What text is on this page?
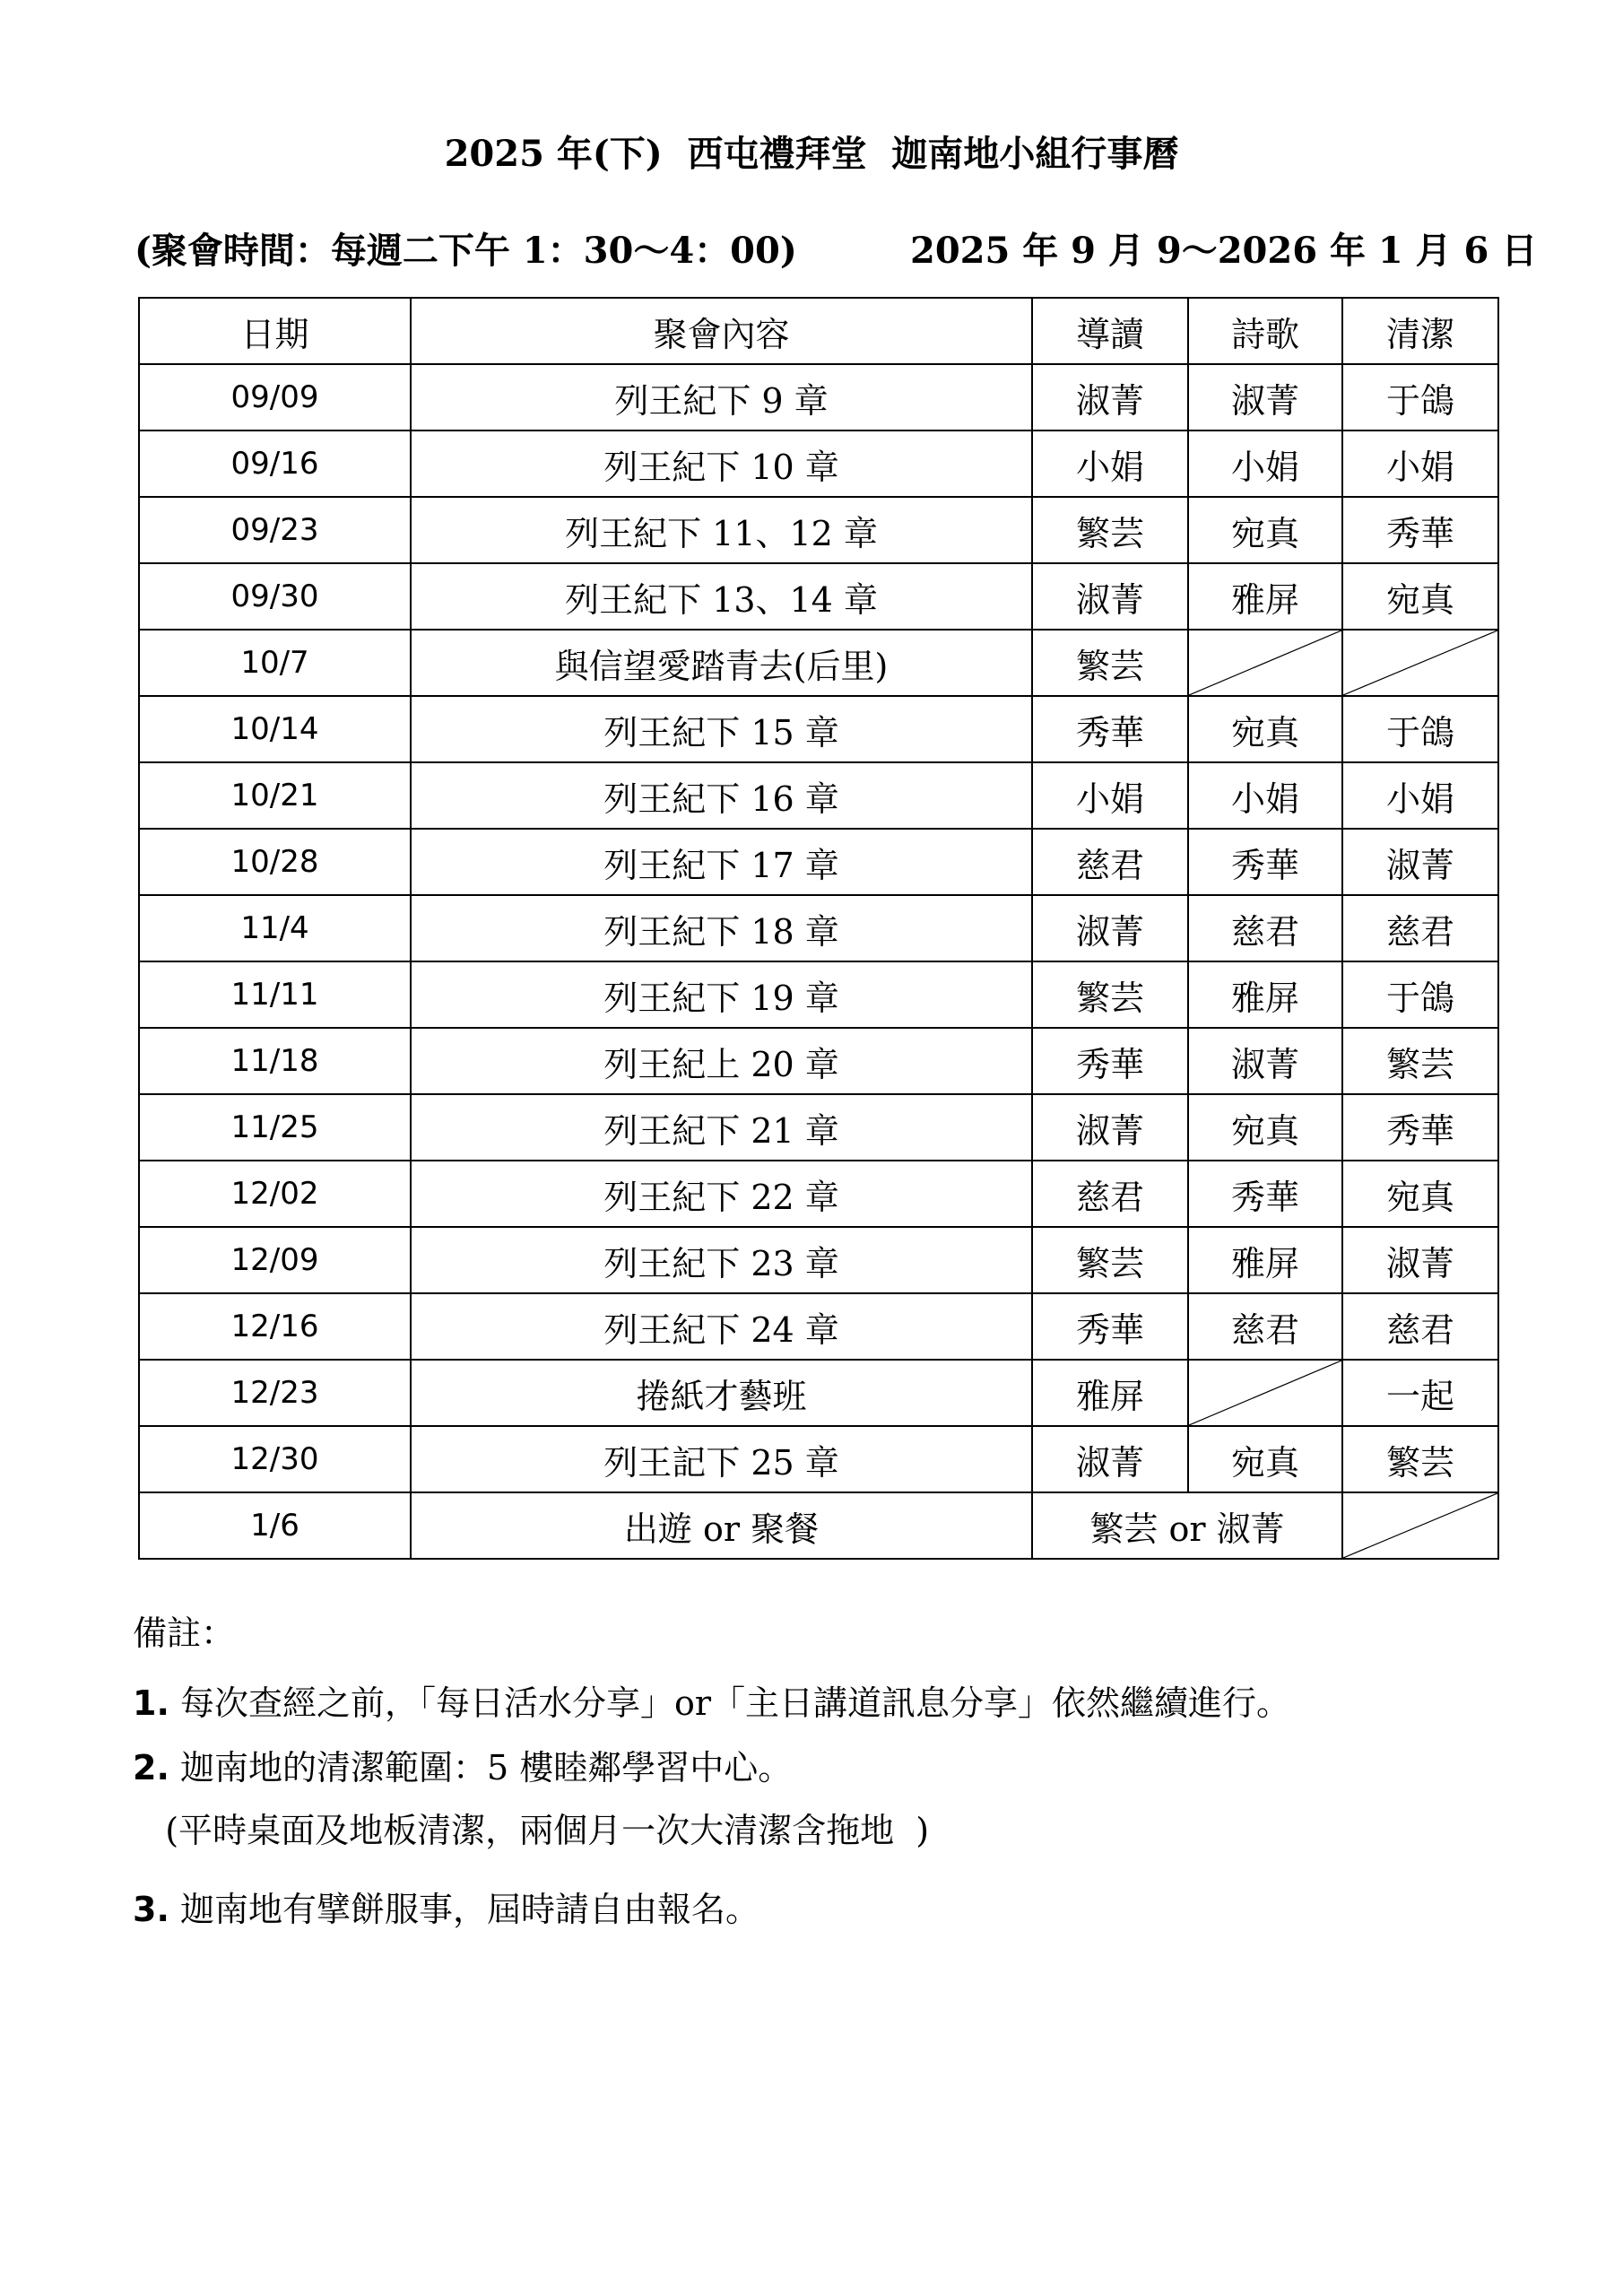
2025 年(下)  西屯禮拜堂  迦南地小組行事曆
(聚會時間：每週二下午 1：30～4：00)	2025 年 9 月 9～2026 年 1 月 6 日
日期	聚會內容	導讀	詩歌	清潔
09/09	列王紀下 9 章	淑菁	淑菁	于鴿
09/16	列王紀下 10 章	小娟	小娟	小娟
09/23	列王紀下 11、12 章	繁芸	宛真	秀華
09/30	列王紀下 13、14 章	淑菁	雅屏	宛真
10/7	與信望愛踏青去(后里)	繁芸	

10/14	列王紀下 15 章	秀華	宛真	于鴿
10/21	列王紀下 16 章	小娟	小娟	小娟
10/28	列王紀下 17 章	慈君	秀華	淑菁
11/4	列王紀下 18 章	淑菁	慈君	慈君
11/11	列王紀下 19 章	繁芸	雅屏	于鴿
11/18	列王紀上 20 章	秀華	淑菁	繁芸
11/25	列王紀下 21 章	淑菁	宛真	秀華
12/02	列王紀下 22 章	慈君	秀華	宛真
12/09	列王紀下 23 章	繁芸	雅屏	淑菁
12/16	列王紀下 24 章	秀華	慈君	慈君
12/23	捲紙才藝班	雅屏		一起
12/30	列王記下 25 章	淑菁	宛真	繁芸
1/6	出遊 or 聚餐	繁芸 or 淑菁	
備註：
1. 每次查經之前，「每日活水分享」or「主日講道訊息分享」依然繼續進行。
2. 迦南地的清潔範圍：5 樓睦鄰學習中心。
(平時桌面及地板清潔，兩個月一次大清潔含拖地  )
3. 迦南地有擘餅服事，屆時請自由報名。
